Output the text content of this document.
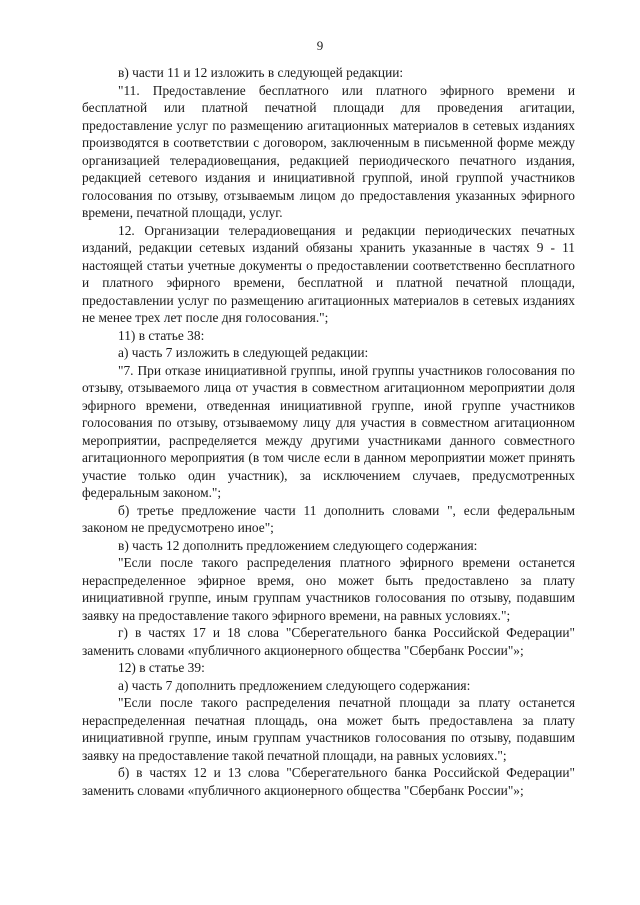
9

в) части 11 и 12 изложить в следующей редакции:

"11. Предоставление бесплатного или платного эфирного времени и бесплатной или платной печатной площади для проведения агитации, предоставление услуг по размещению агитационных материалов в сетевых изданиях производятся в соответствии с договором, заключенным в письменной форме между организацией телерадиовещания, редакцией периодического печатного издания, редакцией сетевого издания и инициативной группой, иной группой участников голосования по отзыву, отзываемым лицом до предоставления указанных эфирного времени, печатной площади, услуг.

12. Организации телерадиовещания и редакции периодических печатных изданий, редакции сетевых изданий обязаны хранить указанные в частях 9 - 11 настоящей статьи учетные документы о предоставлении соответственно бесплатного и платного эфирного времени, бесплатной и платной печатной площади, предоставлении услуг по размещению агитационных материалов в сетевых изданиях не менее трех лет после дня голосования.";

11) в статье 38:

а) часть 7 изложить в следующей редакции:

"7. При отказе инициативной группы, иной группы участников голосования по отзыву, отзываемого лица от участия в совместном агитационном мероприятии доля эфирного времени, отведенная инициативной группе, иной группе участников голосования по отзыву, отзываемому лицу для участия в совместном агитационном мероприятии, распределяется между другими участниками данного совместного агитационного мероприятия (в том числе если в данном мероприятии может принять участие только один участник), за исключением случаев, предусмотренных федеральным законом.";

б) третье предложение части 11 дополнить словами ", если федеральным законом не предусмотрено иное";

в) часть 12 дополнить предложением следующего содержания:

"Если после такого распределения платного эфирного времени останется нераспределенное эфирное время, оно может быть предоставлено за плату инициативной группе, иным группам участников голосования по отзыву, подавшим заявку на предоставление такого эфирного времени, на равных условиях.";

г) в частях 17 и 18 слова "Сберегательного банка Российской Федерации" заменить словами «публичного акционерного общества "Сбербанк России"»;

12) в статье 39:

а) часть 7 дополнить предложением следующего содержания:

"Если после такого распределения печатной площади за плату останется нераспределенная печатная площадь, она может быть предоставлена за плату инициативной группе, иным группам участников голосования по отзыву, подавшим заявку на предоставление такой печатной площади, на равных условиях.";

б) в частях 12 и 13 слова "Сберегательного банка Российской Федерации" заменить словами «публичного акционерного общества "Сбербанк России"»;
